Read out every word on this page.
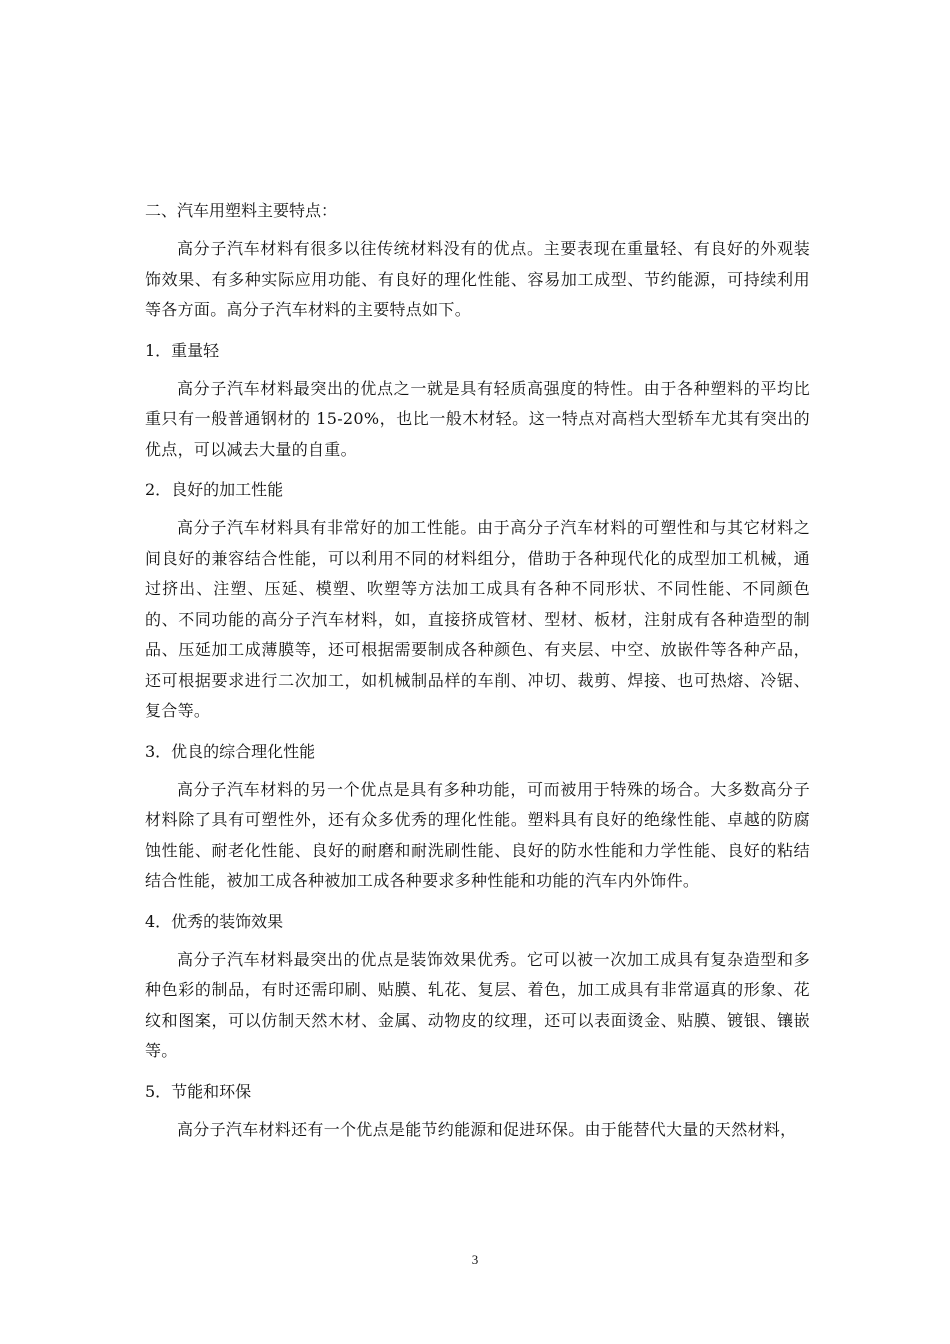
二、汽车用塑料主要特点：

高分子汽车材料有很多以往传统材料没有的优点。主要表现在重量轻、有良好的外观装饰效果、有多种实际应用功能、有良好的理化性能、容易加工成型、节约能源，可持续利用等各方面。高分子汽车材料的主要特点如下。

1．重量轻

高分子汽车材料最突出的优点之一就是具有轻质高强度的特性。由于各种塑料的平均比重只有一般普通钢材的 15-20%，也比一般木材轻。这一特点对高档大型轿车尤其有突出的优点，可以减去大量的自重。

2．良好的加工性能

高分子汽车材料具有非常好的加工性能。由于高分子汽车材料的可塑性和与其它材料之间良好的兼容结合性能，可以利用不同的材料组分，借助于各种现代化的成型加工机械，通过挤出、注塑、压延、模塑、吹塑等方法加工成具有各种不同形状、不同性能、不同颜色的、不同功能的高分子汽车材料，如，直接挤成管材、型材、板材，注射成有各种造型的制品、压延加工成薄膜等，还可根据需要制成各种颜色、有夹层、中空、放嵌件等各种产品，还可根据要求进行二次加工，如机械制品样的车削、冲切、裁剪、焊接、也可热熔、冷锯、复合等。

3．优良的综合理化性能

高分子汽车材料的另一个优点是具有多种功能，可而被用于特殊的场合。大多数高分子材料除了具有可塑性外，还有众多优秀的理化性能。塑料具有良好的绝缘性能、卓越的防腐蚀性能、耐老化性能、良好的耐磨和耐洗刷性能、良好的防水性能和力学性能、良好的粘结结合性能，被加工成各种被加工成各种要求多种性能和功能的汽车内外饰件。

4．优秀的装饰效果

高分子汽车材料最突出的优点是装饰效果优秀。它可以被一次加工成具有复杂造型和多种色彩的制品，有时还需印刷、贴膜、轧花、复层、着色，加工成具有非常逼真的形象、花纹和图案，可以仿制天然木材、金属、动物皮的纹理，还可以表面烫金、贴膜、镀银、镶嵌等。

5．节能和环保

高分子汽车材料还有一个优点是能节约能源和促进环保。由于能替代大量的天然材料，

3
